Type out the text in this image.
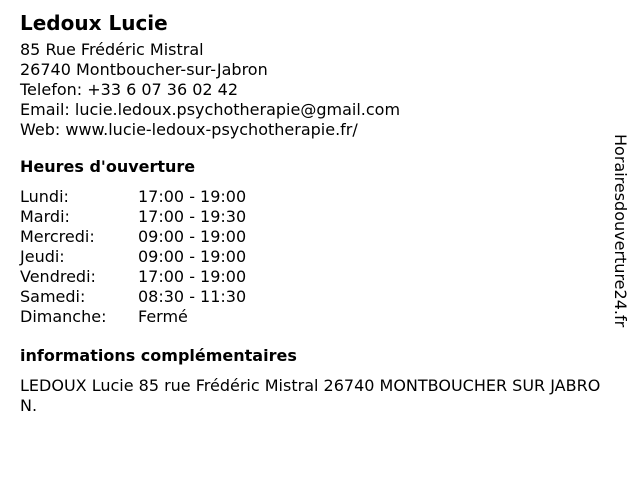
Ledoux Lucie
85 Rue Frédéric Mistral
26740 Montboucher-sur-Jabron
Telefon: +33 6 07 36 02 42
Email: lucie.ledoux.psychotherapie@gmail.com
Web: www.lucie-ledoux-psychotherapie.fr/
Heures d'ouverture
Lundi:	17:00 - 19:00
Mardi:	17:00 - 19:30
Mercredi:	09:00 - 19:00
Jeudi:	09:00 - 19:00
Vendredi:	17:00 - 19:00
Samedi:	08:30 - 11:30
Dimanche: Fermé
informations complémentaires
LEDOUX Lucie 85 rue Frédéric Mistral 26740 MONTBOUCHER SUR JABRON.
Horairesdouverture24.fr
